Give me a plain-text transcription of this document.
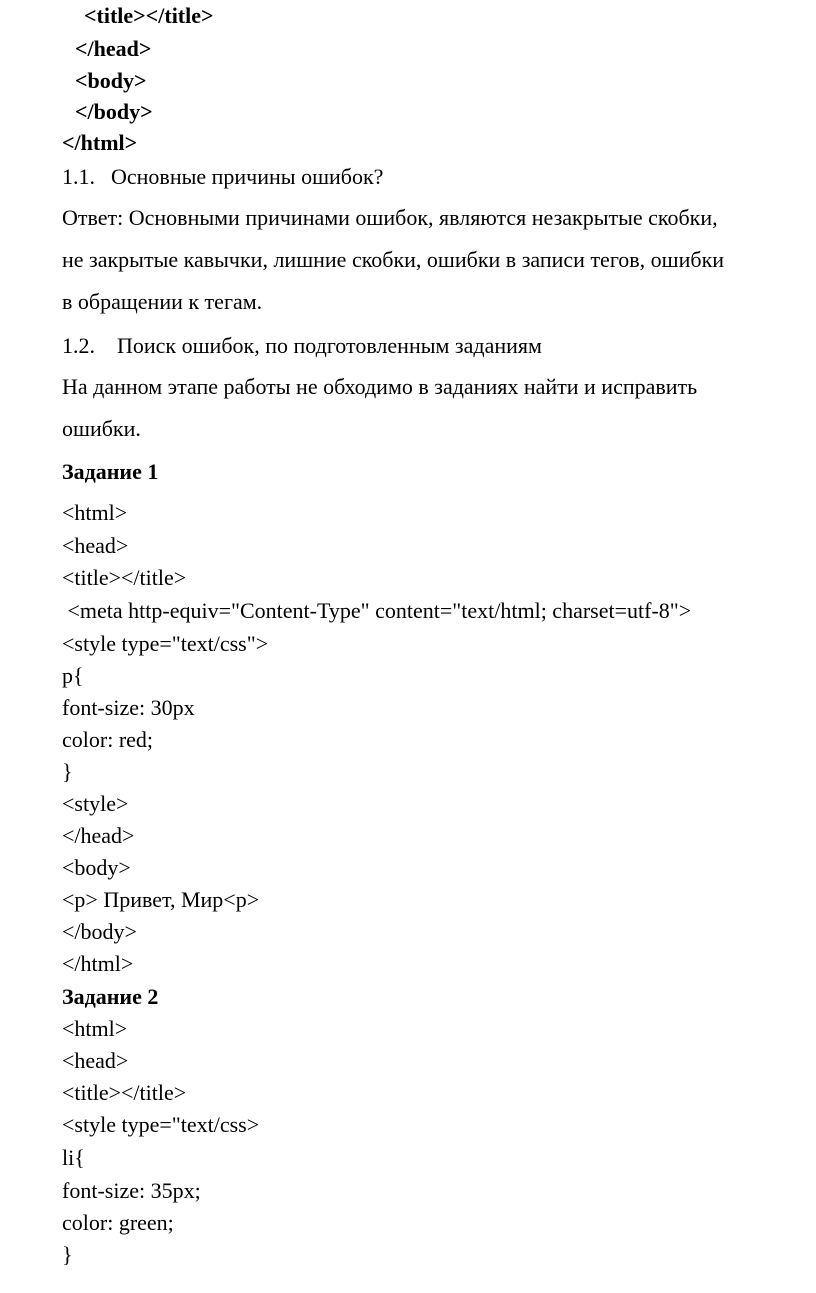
<title></title>
</head>
<body>
</body>
</html>
1.1. Основные причины ошибок?
Ответ: Основными причинами ошибок, являются незакрытые скобки,
не закрытые кавычки, лишние скобки, ошибки в записи тегов, ошибки
в обращении к тегам.
1.2. Поиск ошибок, по подготовленным заданиям
На данном этапе работы не обходимо в заданиях найти и исправить
ошибки.
Задание 1
<html>
<head>
<title></title>
<meta http-equiv="Content-Type" content="text/html; charset=utf-8">
<style type="text/css">
p{
font-size: 30px
color: red;
}
<style>
</head>
<body>
<p> Привет, Мир<p>
</body>
</html>
Задание 2
<html>
<head>
<title></title>
<style type="text/css>
li{
font-size: 35px;
color: green;
}
